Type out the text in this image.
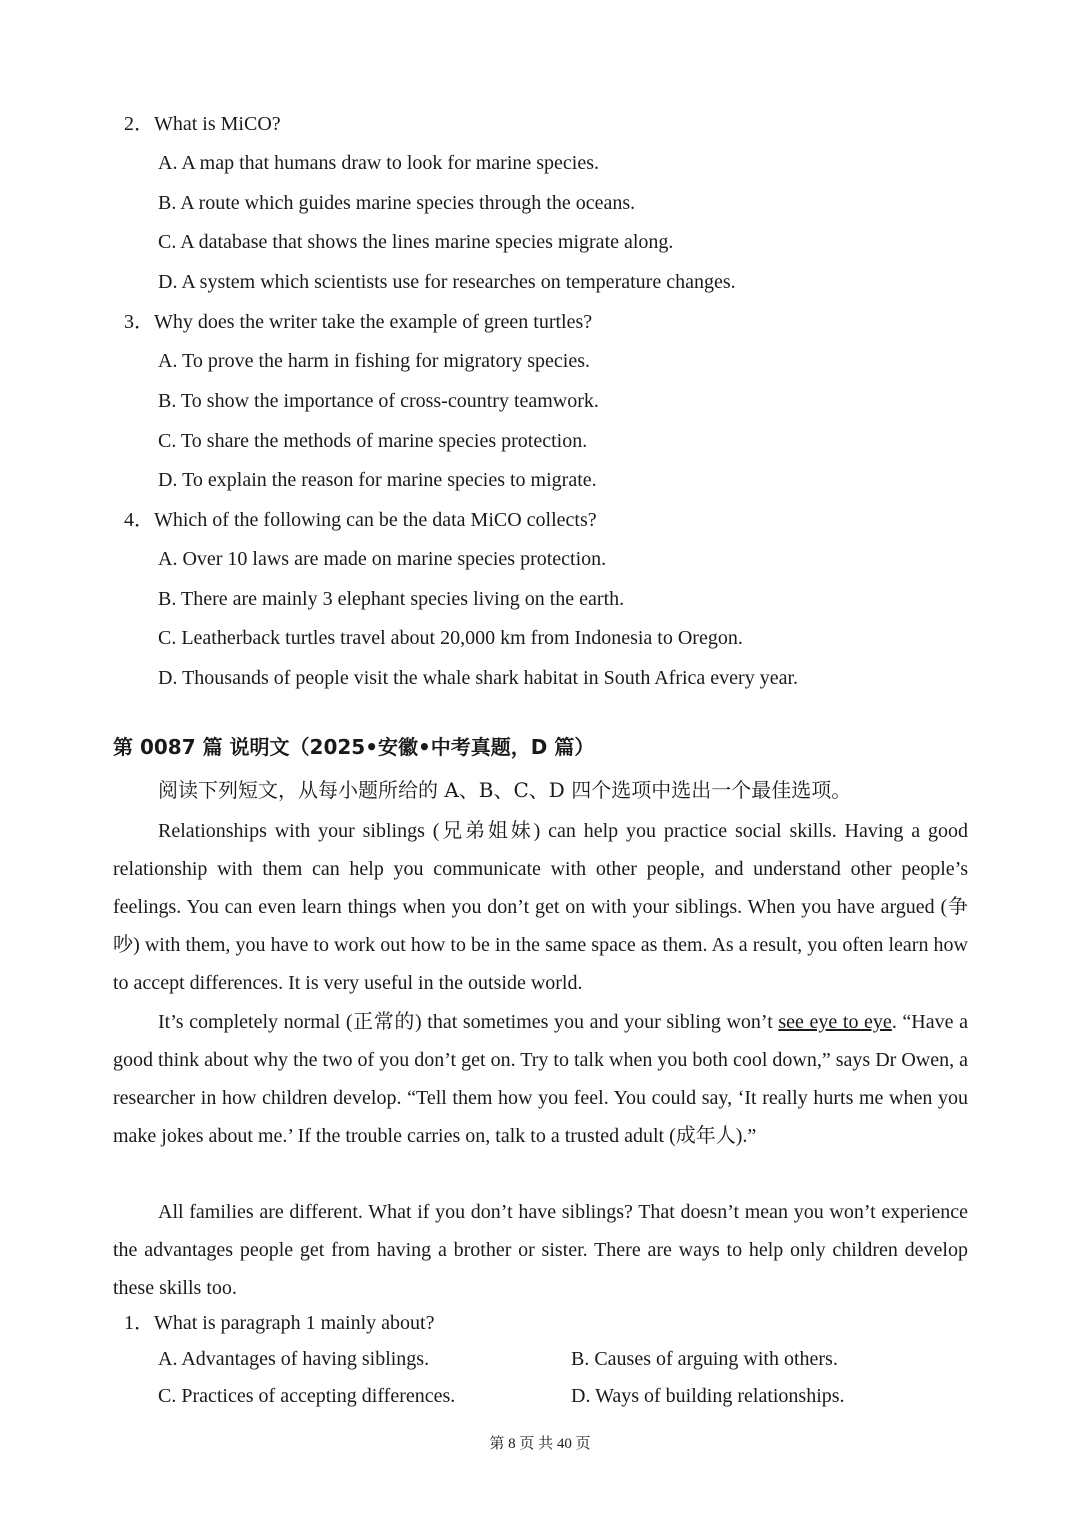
2．What is MiCO?
A. A map that humans draw to look for marine species.
B. A route which guides marine species through the oceans.
C. A database that shows the lines marine species migrate along.
D. A system which scientists use for researches on temperature changes.
3．Why does the writer take the example of green turtles?
A. To prove the harm in fishing for migratory species.
B. To show the importance of cross-country teamwork.
C. To share the methods of marine species protection.
D. To explain the reason for marine species to migrate.
4．Which of the following can be the data MiCO collects?
A. Over 10 laws are made on marine species protection.
B. There are mainly 3 elephant species living on the earth.
C. Leatherback turtles travel about 20,000 km from Indonesia to Oregon.
D. Thousands of people visit the whale shark habitat in South Africa every year.
第 0087 篇 说明文（2025•安徽•中考真题，D 篇）
阅读下列短文，从每小题所给的 A、B、C、D 四个选项中选出一个最佳选项。

Relationships with your siblings (兄弟姐妹) can help you practice social skills. Having a good relationship with them can help you communicate with other people, and understand other people’s feelings. You can even learn things when you don’t get on with your siblings. When you have argued (争吵) with them, you have to work out how to be in the same space as them. As a result, you often learn how to accept differences. It is very useful in the outside world.

It’s completely normal (正常的) that sometimes you and your sibling won’t see eye to eye. “Have a good think about why the two of you don’t get on. Try to talk when you both cool down,” says Dr Owen, a researcher in how children develop. “Tell them how you feel. You could say, ‘It really hurts me when you make jokes about me.’ If the trouble carries on, talk to a trusted adult (成年人).”

All families are different. What if you don’t have siblings? That doesn’t mean you won’t experience the advantages people get from having a brother or sister. There are ways to help only children develop these skills too.

1．What is paragraph 1 mainly about?
A. Advantages of having siblings.	B. Causes of arguing with others.
C. Practices of accepting differences.	D. Ways of building relationships.
第 8 页 共 40 页
